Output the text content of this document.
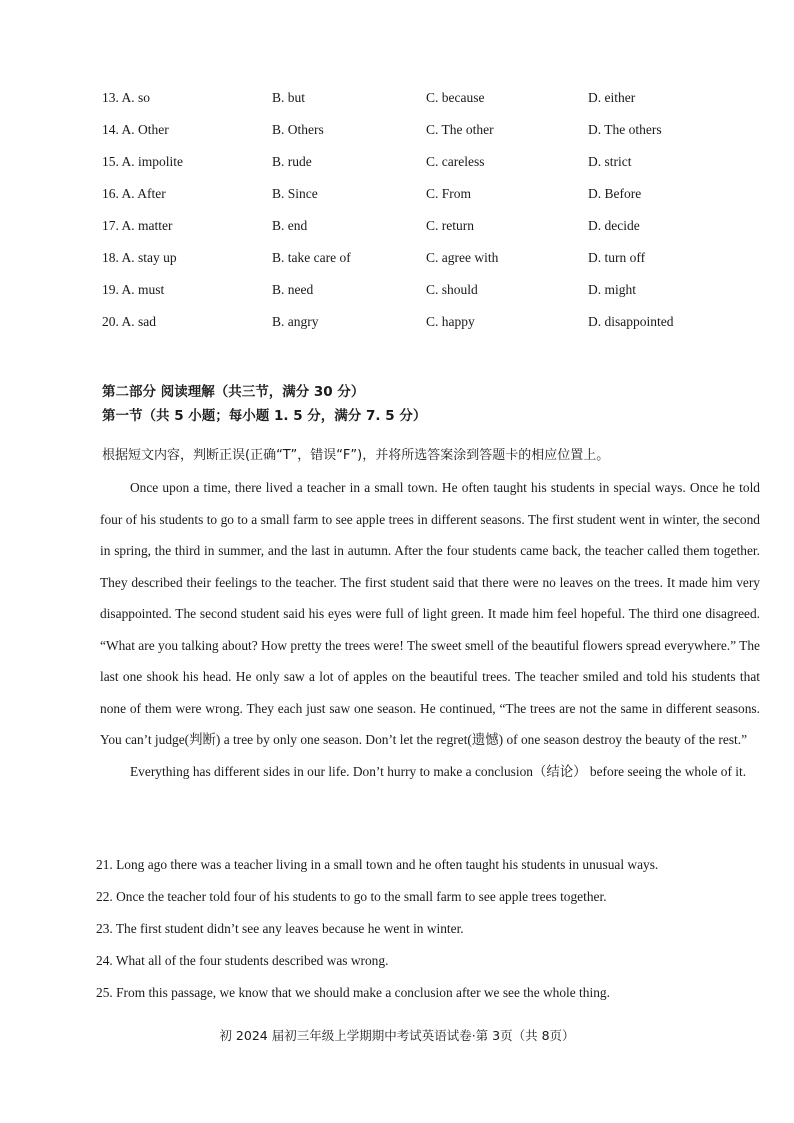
13. A. so	B. but	C. because	D. either
14. A. Other	B. Others	C. The other	D. The others
15. A. impolite	B. rude	C. careless	D. strict
16. A. After	B. Since	C. From	D. Before
17. A. matter	B. end	C. return	D. decide
18. A. stay up	B. take care of	C. agree with	D. turn off
19. A. must	B. need	C. should	D. might
20. A. sad	B. angry	C. happy	D. disappointed
第二部分 阅读理解（共三节，满分 30 分）
第一节（共 5 小题；每小题 1. 5 分，满分 7. 5 分）
根据短文内容，判断正误(正确“T”，错误“F”)，并将所选答案涂到答题卡的相应位置上。

Once upon a time, there lived a teacher in a small town. He often taught his students in special ways. Once he told four of his students to go to a small farm to see apple trees in different seasons. The first student went in winter, the second in spring, the third in summer, and the last in autumn. After the four students came back, the teacher called them together. They described their feelings to the teacher. The first student said that there were no leaves on the trees. It made him very disappointed. The second student said his eyes were full of light green. It made him feel hopeful. The third one disagreed. “What are you talking about? How pretty the trees were! The sweet smell of the beautiful flowers spread everywhere.” The last one shook his head. He only saw a lot of apples on the beautiful trees. The teacher smiled and told his students that none of them were wrong. They each just saw one season. He continued, “The trees are not the same in different seasons. You can’t judge(判断) a tree by only one season. Don’t let the regret(遗憾) of one season destroy the beauty of the rest.”

Everything has different sides in our life. Don’t hurry to make a conclusion（结论） before seeing the whole of it.

21. Long ago there was a teacher living in a small town and he often taught his students in unusual ways.
22. Once the teacher told four of his students to go to the small farm to see apple trees together.
23. The first student didn’t see any leaves because he went in winter.
24. What all of the four students described was wrong.
25. From this passage, we know that we should make a conclusion after we see the whole thing.
初 2024 届初三年级上学期期中考试英语试卷·第 3页（共 8页）
